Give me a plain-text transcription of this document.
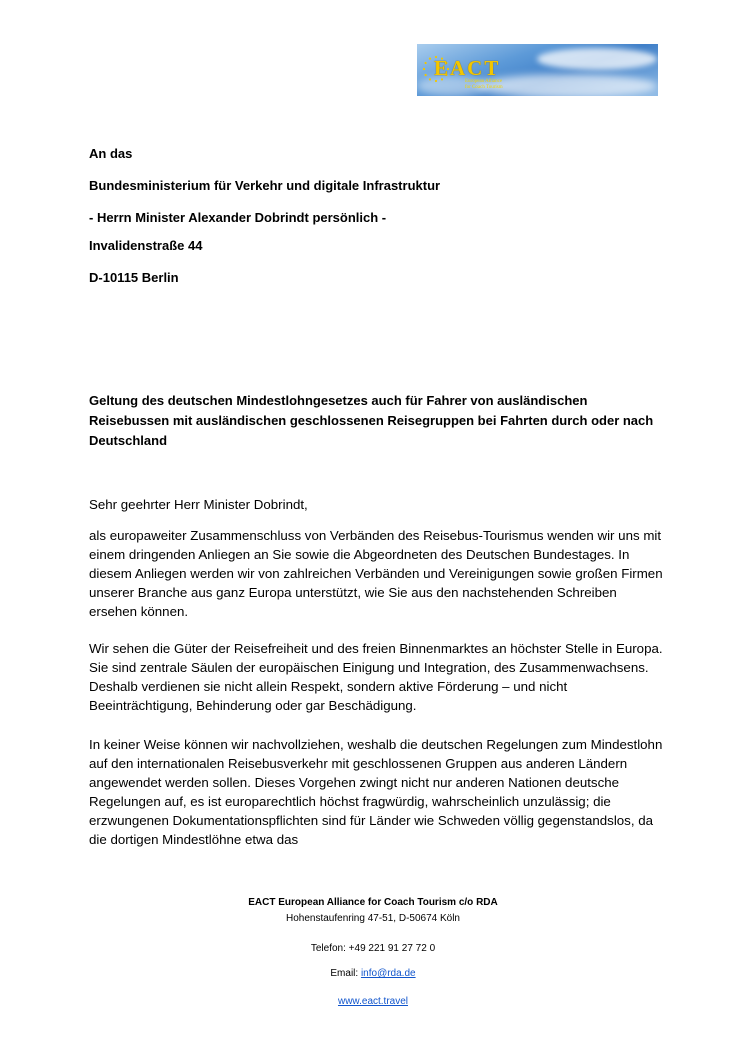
EACT
European Alliance
for Coach Tourism
An das
Bundesministerium für Verkehr und digitale Infrastruktur
- Herrn Minister Alexander Dobrindt persönlich -
Invalidenstraße 44
D-10115 Berlin
Geltung des deutschen Mindestlohngesetzes auch für Fahrer von ausländischen Reisebussen mit ausländischen geschlossenen Reisegruppen bei Fahrten durch oder nach Deutschland
Sehr geehrter Herr Minister Dobrindt,
als europaweiter Zusammenschluss von Verbänden des Reisebus-Tourismus wenden wir uns mit einem dringenden Anliegen an Sie sowie die Abgeordneten des Deutschen Bundestages. In diesem Anliegen werden wir von zahlreichen Verbänden und Vereinigungen sowie großen Firmen unserer Branche aus ganz Europa unterstützt, wie Sie aus den nachstehenden Schreiben ersehen können.
Wir sehen die Güter der Reisefreiheit und des freien Binnenmarktes an höchster Stelle in Europa. Sie sind zentrale Säulen der europäischen Einigung und Integration, des Zusammenwachsens. Deshalb verdienen sie nicht allein Respekt, sondern aktive Förderung – und nicht Beeinträchtigung, Behinderung oder gar Beschädigung.
In keiner Weise können wir nachvollziehen, weshalb die deutschen Regelungen zum Mindestlohn auf den internationalen Reisebusverkehr mit geschlossenen Gruppen aus anderen Ländern angewendet werden sollen. Dieses Vorgehen zwingt nicht nur anderen Nationen deutsche Regelungen auf, es ist europarechtlich höchst fragwürdig, wahrscheinlich unzulässig; die erzwungenen Dokumentationspflichten sind für Länder wie Schweden völlig gegenstandslos, da die dortigen Mindestlöhne etwa das
EACT European Alliance for Coach Tourism c/o RDA
Hohenstaufenring 47-51, D-50674 Köln
Telefon: +49 221 91 27 72 0
Email: info@rda.de
www.eact.travel
